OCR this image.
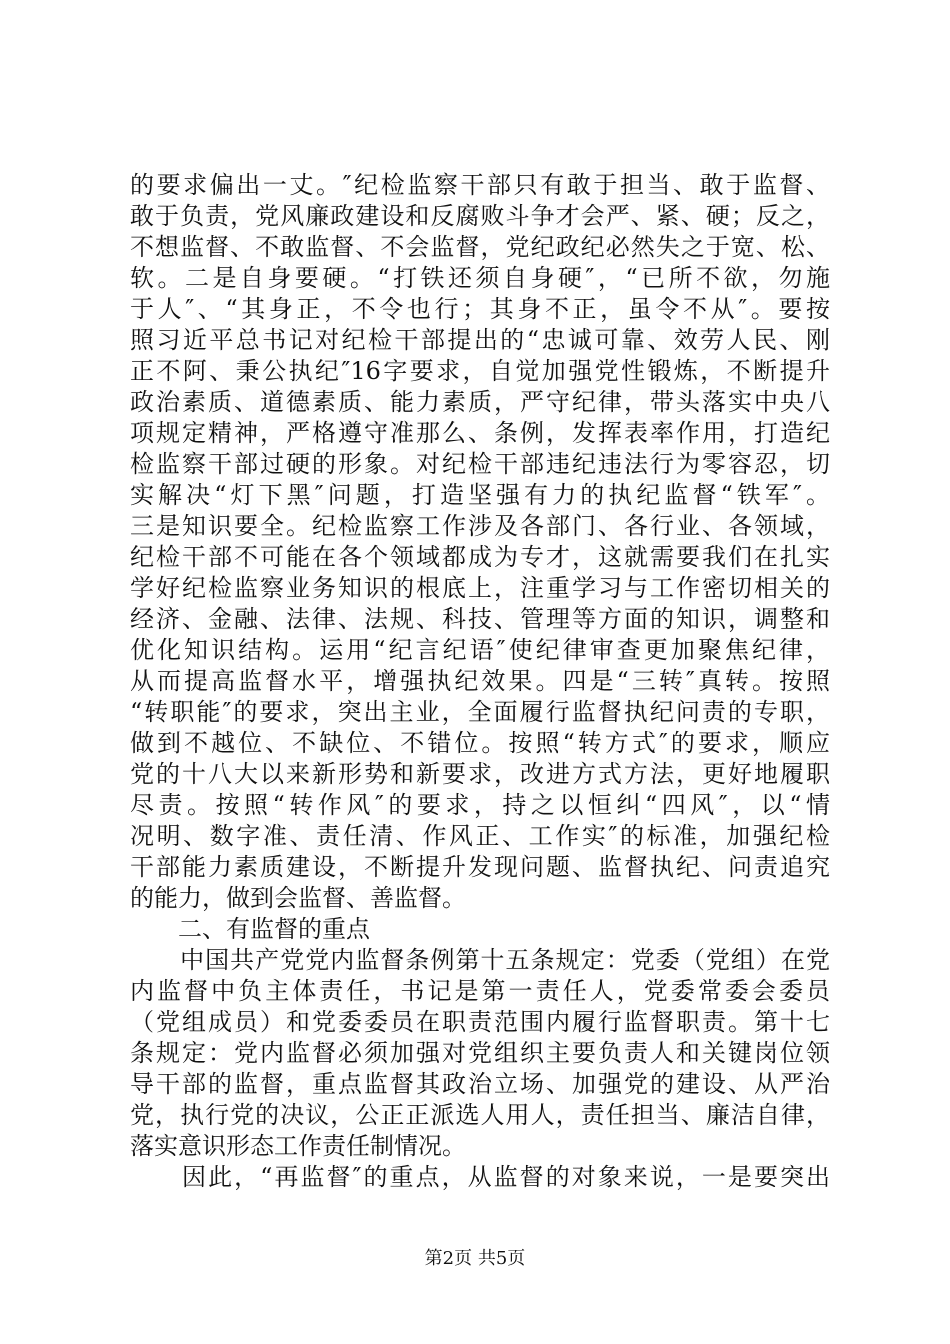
的要求偏出一丈。″纪检监察干部只有敢于担当、敢于监督、
敢于负责，党风廉政建设和反腐败斗争才会严、紧、硬；反之，
不想监督、不敢监督、不会监督，党纪政纪必然失之于宽、松、
软。二是自身要硬。“打铁还须自身硬″，“已所不欲，勿施
于人″、“其身正，不令也行；其身不正，虽令不从″。要按
照习近平总书记对纪检干部提出的“忠诚可靠、效劳人民、刚
正不阿、秉公执纪″16字要求，自觉加强党性锻炼，不断提升
政治素质、道德素质、能力素质，严守纪律，带头落实中央八
项规定精神，严格遵守准那么、条例，发挥表率作用，打造纪
检监察干部过硬的形象。对纪检干部违纪违法行为零容忍，切
实解决“灯下黑″问题，打造坚强有力的执纪监督“铁军″。
三是知识要全。纪检监察工作涉及各部门、各行业、各领域，
纪检干部不可能在各个领域都成为专才，这就需要我们在扎实
学好纪检监察业务知识的根底上，注重学习与工作密切相关的
经济、金融、法律、法规、科技、管理等方面的知识，调整和
优化知识结构。运用“纪言纪语″使纪律审查更加聚焦纪律，
从而提高监督水平，增强执纪效果。四是“三转″真转。按照
“转职能″的要求，突出主业，全面履行监督执纪问责的专职，
做到不越位、不缺位、不错位。按照“转方式″的要求，顺应
党的十八大以来新形势和新要求，改进方式方法，更好地履职
尽责。按照“转作风″的要求，持之以恒纠“四风″，以“情
况明、数字准、责任清、作风正、工作实″的标准，加强纪检
干部能力素质建设，不断提升发现问题、监督执纪、问责追究
的能力，做到会监督、善监督。
　　二、有监督的重点
　　中国共产党党内监督条例第十五条规定：党委（党组）在党
内监督中负主体责任，书记是第一责任人，党委常委会委员
（党组成员）和党委委员在职责范围内履行监督职责。第十七
条规定：党内监督必须加强对党组织主要负责人和关键岗位领
导干部的监督，重点监督其政治立场、加强党的建设、从严治
党，执行党的决议，公正正派选人用人，责任担当、廉洁自律，
落实意识形态工作责任制情况。
　　因此，“再监督″的重点，从监督的对象来说，一是要突出
第2页 共5页
